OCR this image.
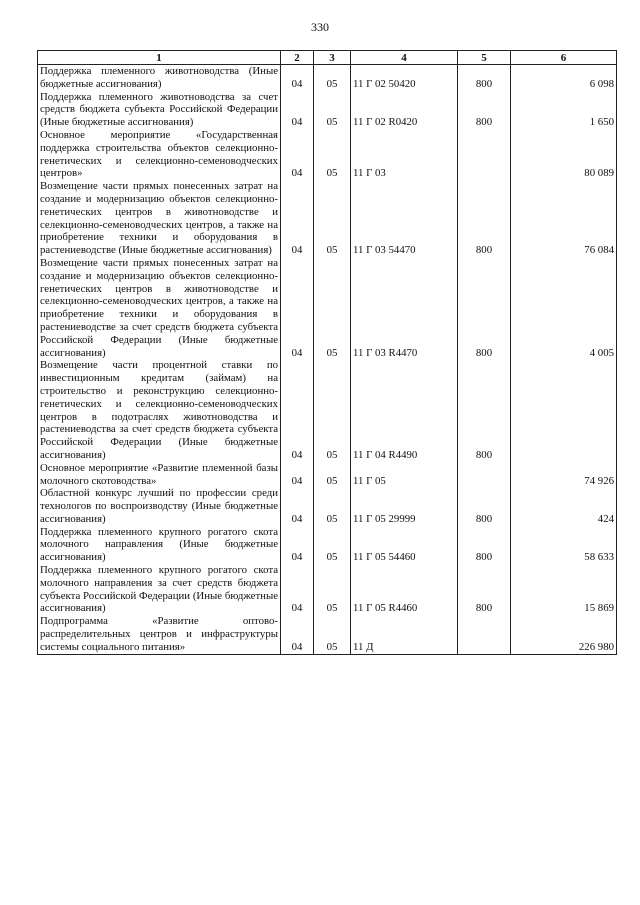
330
1	2	3	4	5	6
Поддержка племенного животноводства (Иные бюджетные ассигнования)	04	05	11 Г 02 50420	800	6 098
Поддержка племенного животноводства за счет средств бюджета субъекта Российской Федерации (Иные бюджетные ассигнования)	04	05	11 Г 02 R0420	800	1 650
Основное мероприятие «Государственная поддержка строительства объектов селекционно-генетических и селекционно-семеноводческих центров»	04	05	11 Г 03		80 089
Возмещение части прямых понесенных затрат на создание и модернизацию объектов селекционно-генетических центров в животноводстве и селекционно-семеноводческих центров, а также на приобретение техники и оборудования в растениеводстве (Иные бюджетные ассигнования)	04	05	11 Г 03 54470	800	76 084
Возмещение части прямых понесенных затрат на создание и модернизацию объектов селекционно-генетических центров в животноводстве и селекционно-семеноводческих центров, а также на приобретение техники и оборудования в растениеводстве за счет средств бюджета субъекта Российской Федерации (Иные бюджетные ассигнования)	04	05	11 Г 03 R4470	800	4 005
Возмещение части процентной ставки по инвестиционным кредитам (займам) на строительство и реконструкцию селекционно-генетических и селекционно-семеноводческих центров в подотраслях животноводства и растениеводства за счет средств бюджета субъекта Российской Федерации (Иные бюджетные ассигнования)	04	05	11 Г 04 R4490	800	
Основное мероприятие «Развитие племенной базы молочного скотоводства»	04	05	11 Г 05		74 926
Областной конкурс лучший по профессии среди технологов по воспроизводству (Иные бюджетные ассигнования)	04	05	11 Г 05 29999	800	424
Поддержка племенного крупного рогатого скота молочного направления (Иные бюджетные ассигнования)	04	05	11 Г 05 54460	800	58 633
Поддержка племенного крупного рогатого скота молочного направления за счет средств бюджета субъекта Российской Федерации (Иные бюджетные ассигнования)	04	05	11 Г 05 R4460	800	15 869
Подпрограмма «Развитие оптово-распределительных центров и инфраструктуры системы социального питания»	04	05	11 Д		226 980
